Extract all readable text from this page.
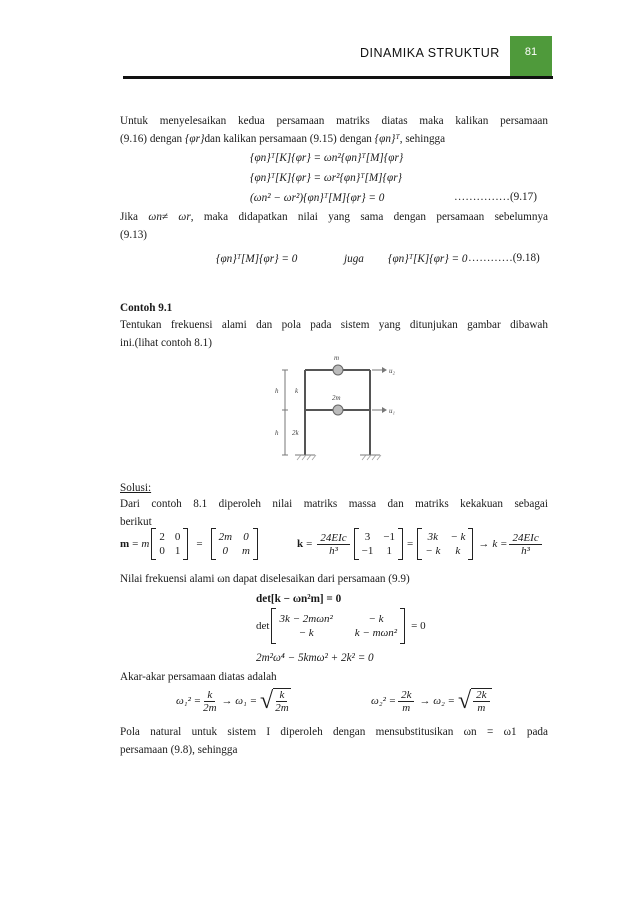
DINAMIKA STRUKTUR	81
Untuk menyelesaikan kedua persamaan matriks diatas maka kalikan persamaan
(9.16) dengan {φr}dan kalikan persamaan (9.15) dengan {φn}ᵀ, sehingga
{φn}ᵀ[K]{φr} = ωn²{φn}ᵀ[M]{φr}
{φn}ᵀ[K]{φr} = ωr²{φn}ᵀ[M]{φr}
(ωn² − ωr²){φn}ᵀ[M]{φr} = 0	……………(9.17)
Jika ωn≠ ωr, maka didapatkan nilai yang sama dengan persamaan sebelumnya
(9.13)
{φn}ᵀ[M]{φr} = 0	juga {φn}ᵀ[K]{φr} = 0 …………(9.18)
Contoh 9.1
Tentukan frekuensi alami dan pola pada sistem yang ditunjukan gambar dibawah
ini.(lihat contoh 8.1)
m
2m
h
h
k
2k
u₂
u₁
Solusi:
Dari contoh 8.1 diperoleh nilai matriks massa dan matriks kekakuan sebagai
berikut
m = m
2 0
0 1
=
2m 0
0	m
$k = \frac{\text{24EIc}}{\text{h³}} 3 -1$
−1 1
=
3k − k
− k	k
→ $k = \frac{\text{24EIc}}{\text{h³}}$
Nilai frekuensi alami ωn dapat diselesaikan dari persamaan (9.9)
det[k − ωn²m] = 0
det
3k − 2mωn²	− k
− k	k − mωn²
= 0
2m²ω⁴ − 5kmω² + 2k² = 0
Akar-akar persamaan diatas adalah
$\omega_1^2 = \frac{k}{2m} \to \omega_1$ = √ $\frac{k}{2m}$	$\omega_2^2 = \frac{2k}{m} \to \omega_2$ = √ $\frac{2k}{m}$
Pola natural untuk sistem I diperoleh dengan mensubstitusikan ωn = ω1 pada
persamaan (9.8), sehingga
